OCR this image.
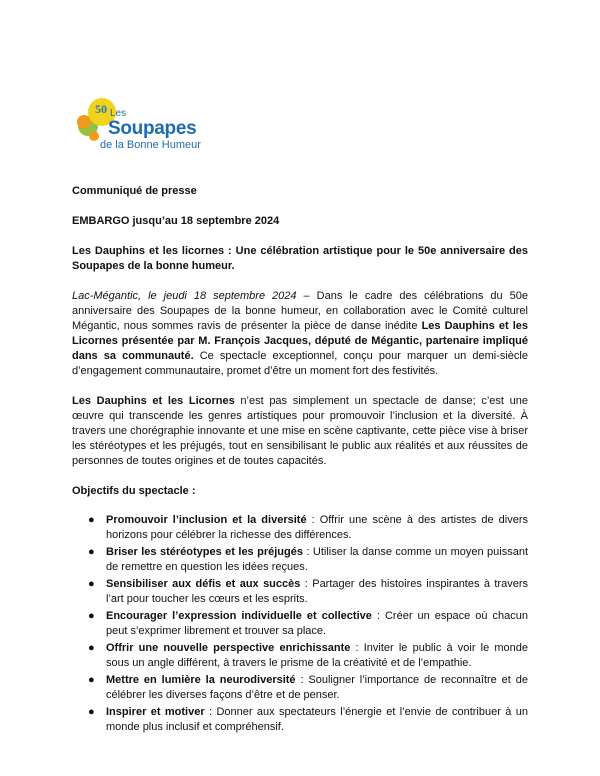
50 Les
Soupapes
de la Bonne Humeur

Communiqué de presse

EMBARGO jusqu’au 18 septembre 2024

Les Dauphins et les licornes : Une célébration artistique pour le 50e anniversaire des Soupapes de la bonne humeur.

Lac-Mégantic, le jeudi 18 septembre 2024 – Dans le cadre des célébrations du 50e anniversaire des Soupapes de la bonne humeur, en collaboration avec le Comité culturel Mégantic, nous sommes ravis de présenter la pièce de danse inédite Les Dauphins et les Licornes présentée par M. François Jacques, député de Mégantic, partenaire impliqué dans sa communauté. Ce spectacle exceptionnel, conçu pour marquer un demi-siècle d’engagement communautaire, promet d’être un moment fort des festivités.

Les Dauphins et les Licornes n’est pas simplement un spectacle de danse; c’est une œuvre qui transcende les genres artistiques pour promouvoir l’inclusion et la diversité. À travers une chorégraphie innovante et une mise en scène captivante, cette pièce vise à briser les stéréotypes et les préjugés, tout en sensibilisant le public aux réalités et aux réussites de personnes de toutes origines et de toutes capacités.

Objectifs du spectacle :

● Promouvoir l’inclusion et la diversité : Offrir une scène à des artistes de divers horizons pour célébrer la richesse des différences.
● Briser les stéréotypes et les préjugés : Utiliser la danse comme un moyen puissant de remettre en question les idées reçues.
● Sensibiliser aux défis et aux succès : Partager des histoires inspirantes à travers l’art pour toucher les cœurs et les esprits.
● Encourager l’expression individuelle et collective : Créer un espace où chacun peut s’exprimer librement et trouver sa place.
● Offrir une nouvelle perspective enrichissante : Inviter le public à voir le monde sous un angle différent, à travers le prisme de la créativité et de l’empathie.
● Mettre en lumière la neurodiversité : Souligner l’importance de reconnaître et de célébrer les diverses façons d’être et de penser.
● Inspirer et motiver : Donner aux spectateurs l’énergie et l’envie de contribuer à un monde plus inclusif et compréhensif.
